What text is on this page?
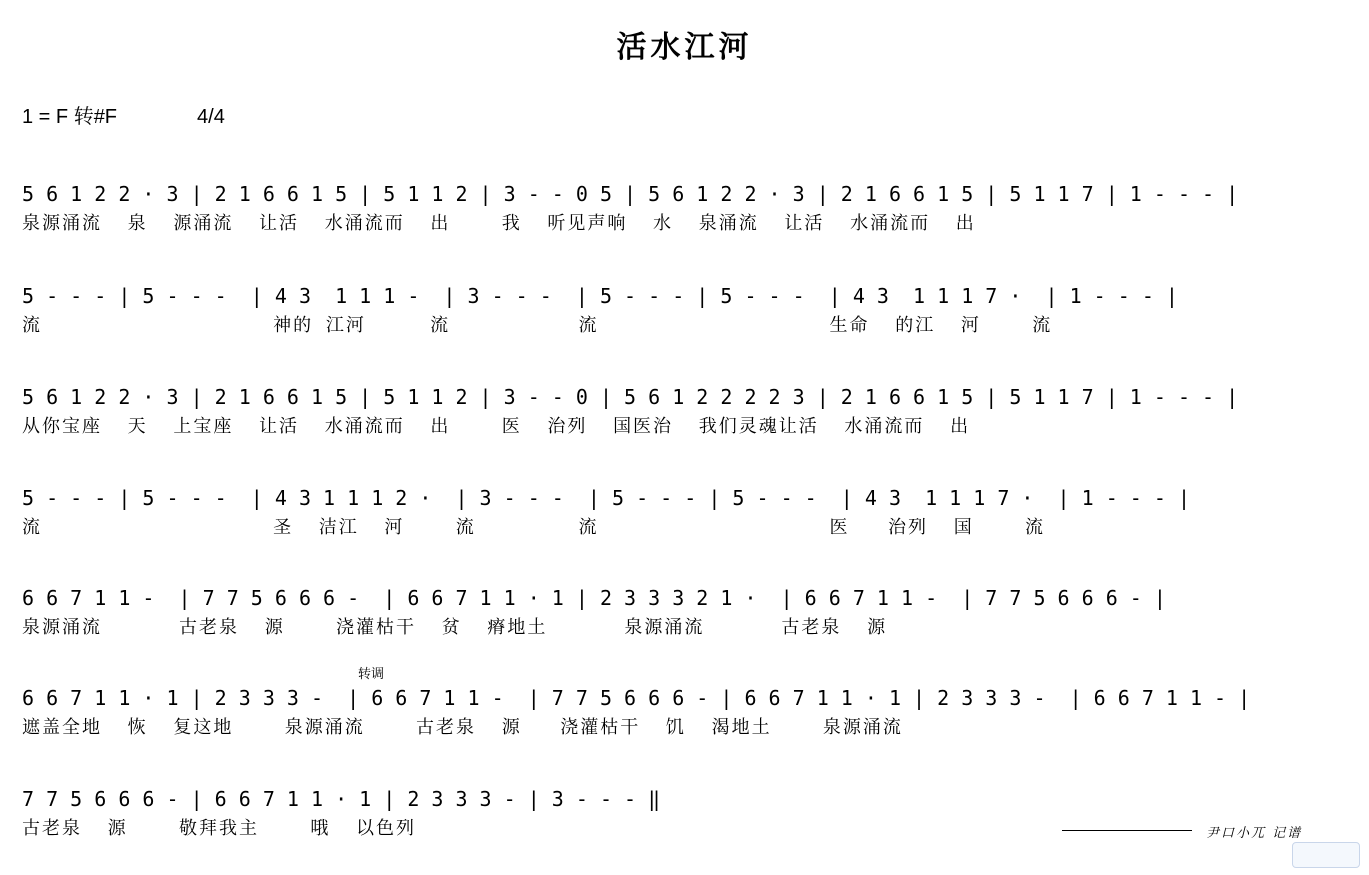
活水江河
1 = F 转#F	4/4
5 6 1 2 2 · 3 | 2 1 6 6 1 5 | 5 1 1 2 | 3 - - 0 5 | 5 6 1 2 2 · 3 | 2 1 6 6 1 5 | 5 1 1 7 | 1 - - - |
泉源涌流  泉  源涌流  让活  水涌流而  出    我  听见声响  水  泉涌流  让活  水涌流而  出
5 - - - | 5 - - -  | 4 3  1 1 1 -  | 3 - - -  | 5 - - - | 5 - - -  | 4 3  1 1 1 7 ·  | 1 - - - |
流                  神的 江河     流          流                  生命  的江  河    流
5 6 1 2 2 · 3 | 2 1 6 6 1 5 | 5 1 1 2 | 3 - - 0 | 5 6 1 2 2 2 2 3 | 2 1 6 6 1 5 | 5 1 1 7 | 1 - - - |
从你宝座  天  上宝座  让活  水涌流而  出    医  治列  国医治  我们灵魂让活  水涌流而  出
5 - - - | 5 - - -  | 4 3 1 1 1 2 ·  | 3 - - -  | 5 - - - | 5 - - -  | 4 3  1 1 1 7 ·  | 1 - - - |
流                  圣  洁江  河    流        流                  医   治列  国    流
6 6 7 1 1 -  | 7 7 5 6 6 6 -  | 6 6 7 1 1 · 1 | 2 3 3 3 2 1 ·  | 6 6 7 1 1 -  | 7 7 5 6 6 6 - |
泉源涌流      古老泉  源    浇灌枯干  贫  瘠地土      泉源涌流      古老泉  源
转调
6 6 7 1 1 · 1 | 2 3 3 3 -  | 6 6 7 1 1 -  | 7 7 5 6 6 6 - | 6 6 7 1 1 · 1 | 2 3 3 3 -  | 6 6 7 1 1 - |
遮盖全地  恢  复这地    泉源涌流    古老泉  源   浇灌枯干  饥  渴地土    泉源涌流
7 7 5 6 6 6 - | 6 6 7 1 1 · 1 | 2 3 3 3 - | 3 - - - ‖
古老泉  源    敬拜我主    哦  以色列	尹口小兀 记谱
